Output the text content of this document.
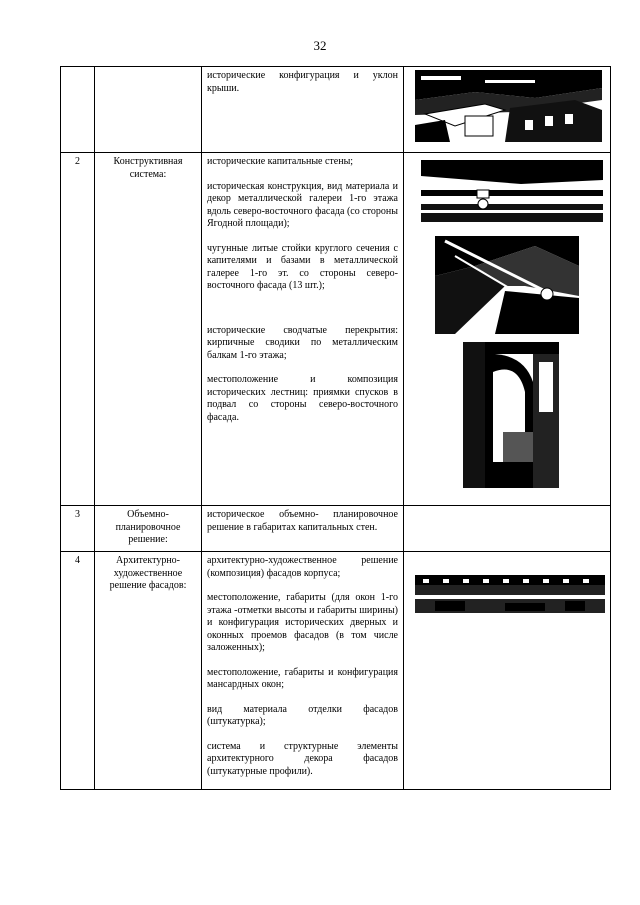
32

		исторические конфигурация и уклон крыши.

2	Конструктивная система:	исторические капитальные стены;

историческая конструкция, вид материала и декор металлической галереи 1-го этажа вдоль северо-восточного фасада (со стороны Ягодной площади);

чугунные литые стойки круглого сечения с капителями и базами в металлической галерее 1-го эт. со стороны северо-восточного фасада (13 шт.);

исторические сводчатые перекрытия: кирпичные сводики по металлическим балкам 1-го этажа;

местоположение и композиция исторических лестниц: приямки спусков в подвал со стороны северо-восточного фасада.

3	Объемно-планировочное решение:	историческое объемно- планировочное решение в габаритах капитальных стен.	

4	Архитектурно-художественное решение фасадов:	архитектурно-художественное решение (композиция) фасадов корпуса;

местоположение, габариты (для окон 1-го этажа -отметки высоты и габариты ширины) и конфигурация исторических дверных и оконных проемов фасадов (в том числе заложенных);

местоположение, габариты и конфигурация мансардных окон;

вид материала отделки фасадов (штукатурка);

система и структурные элементы архитектурного декора фасадов (штукатурные профили).
